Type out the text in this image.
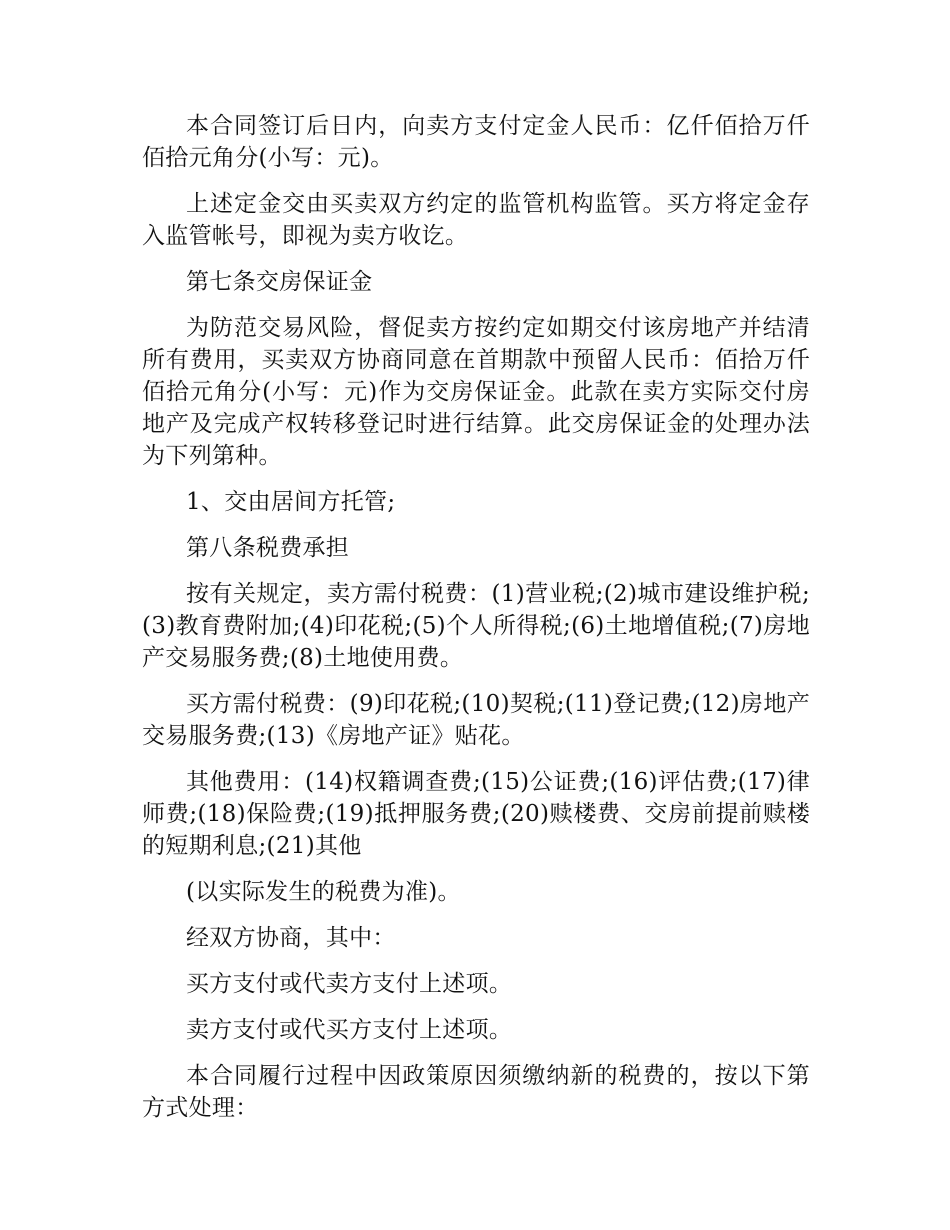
本合同签订后日内，向卖方支付定金人民币：亿仟佰拾万仟佰拾元角分(小写：元)。

上述定金交由买卖双方约定的监管机构监管。买方将定金存入监管帐号，即视为卖方收讫。

第七条交房保证金

为防范交易风险，督促卖方按约定如期交付该房地产并结清所有费用，买卖双方协商同意在首期款中预留人民币：佰拾万仟佰拾元角分(小写：元)作为交房保证金。此款在卖方实际交付房地产及完成产权转移登记时进行结算。此交房保证金的处理办法为下列第种。

1、交由居间方托管;

第八条税费承担

按有关规定，卖方需付税费：(1)营业税;(2)城市建设维护税;(3)教育费附加;(4)印花税;(5)个人所得税;(6)土地增值税;(7)房地产交易服务费;(8)土地使用费。

买方需付税费：(9)印花税;(10)契税;(11)登记费;(12)房地产交易服务费;(13)《房地产证》贴花。

其他费用：(14)权籍调查费;(15)公证费;(16)评估费;(17)律师费;(18)保险费;(19)抵押服务费;(20)赎楼费、交房前提前赎楼的短期利息;(21)其他

(以实际发生的税费为准)。

经双方协商，其中：

买方支付或代卖方支付上述项。

卖方支付或代买方支付上述项。

本合同履行过程中因政策原因须缴纳新的税费的，按以下第方式处理：
